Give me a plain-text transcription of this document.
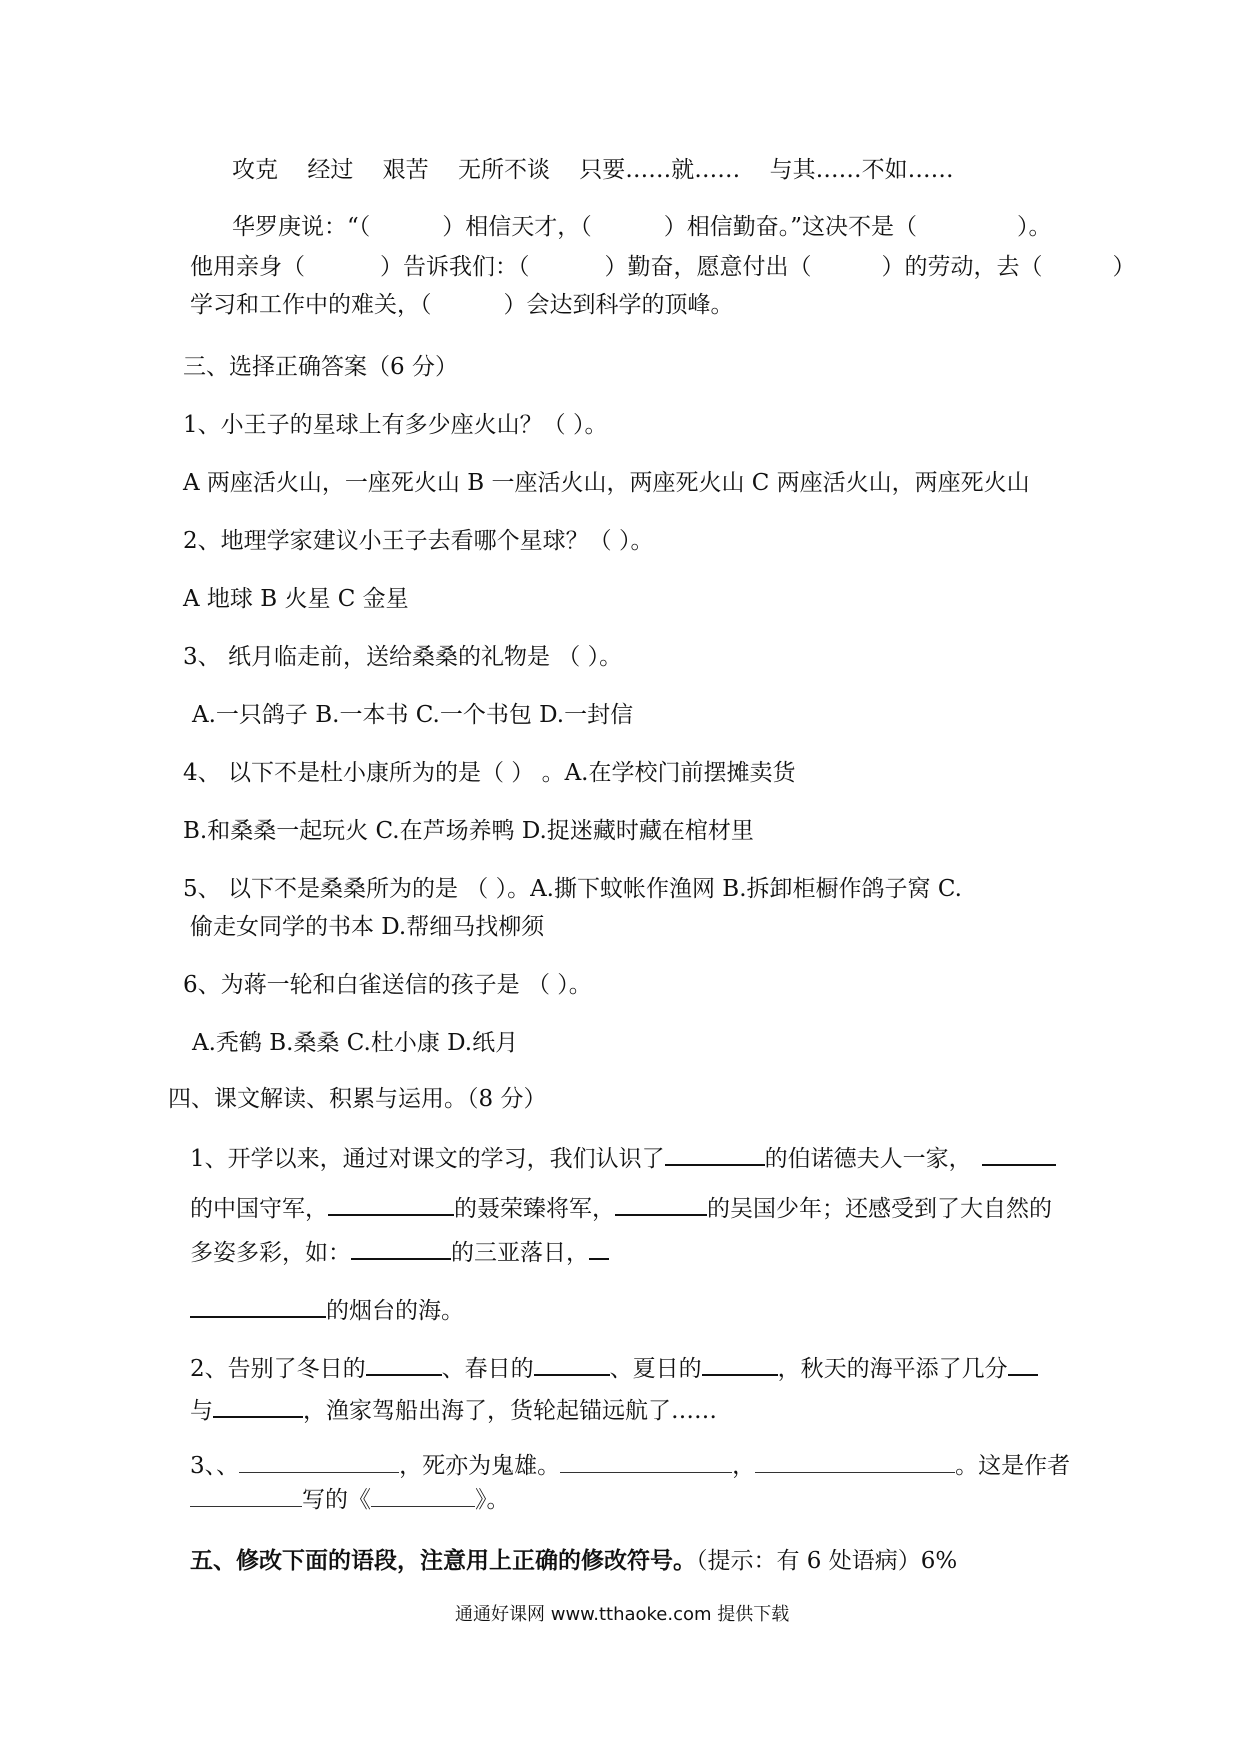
攻克 经过 艰苦 无所不谈 只要……就…… 与其……不如……
华罗庚说：“（	）相信天才，（	）相信勤奋。”这决不是（	）。
他用亲身（	）告诉我们：（	）勤奋，愿意付出（	）的劳动，去（	）
学习和工作中的难关，（	）会达到科学的顶峰。
三、选择正确答案（6 分）
1、小王子的星球上有多少座火山？（ ）。
A 两座活火山，一座死火山 B 一座活火山，两座死火山 C 两座活火山，两座死火山
2、地理学家建议小王子去看哪个星球？（ ）。
A 地球 B 火星 C 金星
3、 纸月临走前，送给桑桑的礼物是 （ ）。
A.一只鸽子 B.一本书 C.一个书包 D.一封信
4、 以下不是杜小康所为的是（ ） 。A.在学校门前摆摊卖货
B.和桑桑一起玩火 C.在芦场养鸭 D.捉迷藏时藏在棺材里
5、 以下不是桑桑所为的是 （ ）。A.撕下蚊帐作渔网 B.拆卸柜橱作鸽子窝 C.
偷走女同学的书本 D.帮细马找柳须
6、为蒋一轮和白雀送信的孩子是 （ ）。
A.秃鹤 B.桑桑 C.杜小康 D.纸月
四、课文解读、积累与运用。（8 分）
1、开学以来，通过对课文的学习，我们认识了	的伯诺德夫人一家，
的中国守军，	的聂荣臻将军，	的吴国少年；还感受到了大自然的
多姿多彩，如：	的三亚落日，
的烟台的海。
2、告别了冬日的	、春日的	、夏日的	，秋天的海平添了几分
与	，渔家驾船出海了，货轮起锚远航了……
3、、	，死亦为鬼雄。	，	。这是作者
写的《	》。
五、修改下面的语段，注意用上正确的修改符号。（提示：有 6 处语病）6%
通通好课网 www.tthaoke.com 提供下载
